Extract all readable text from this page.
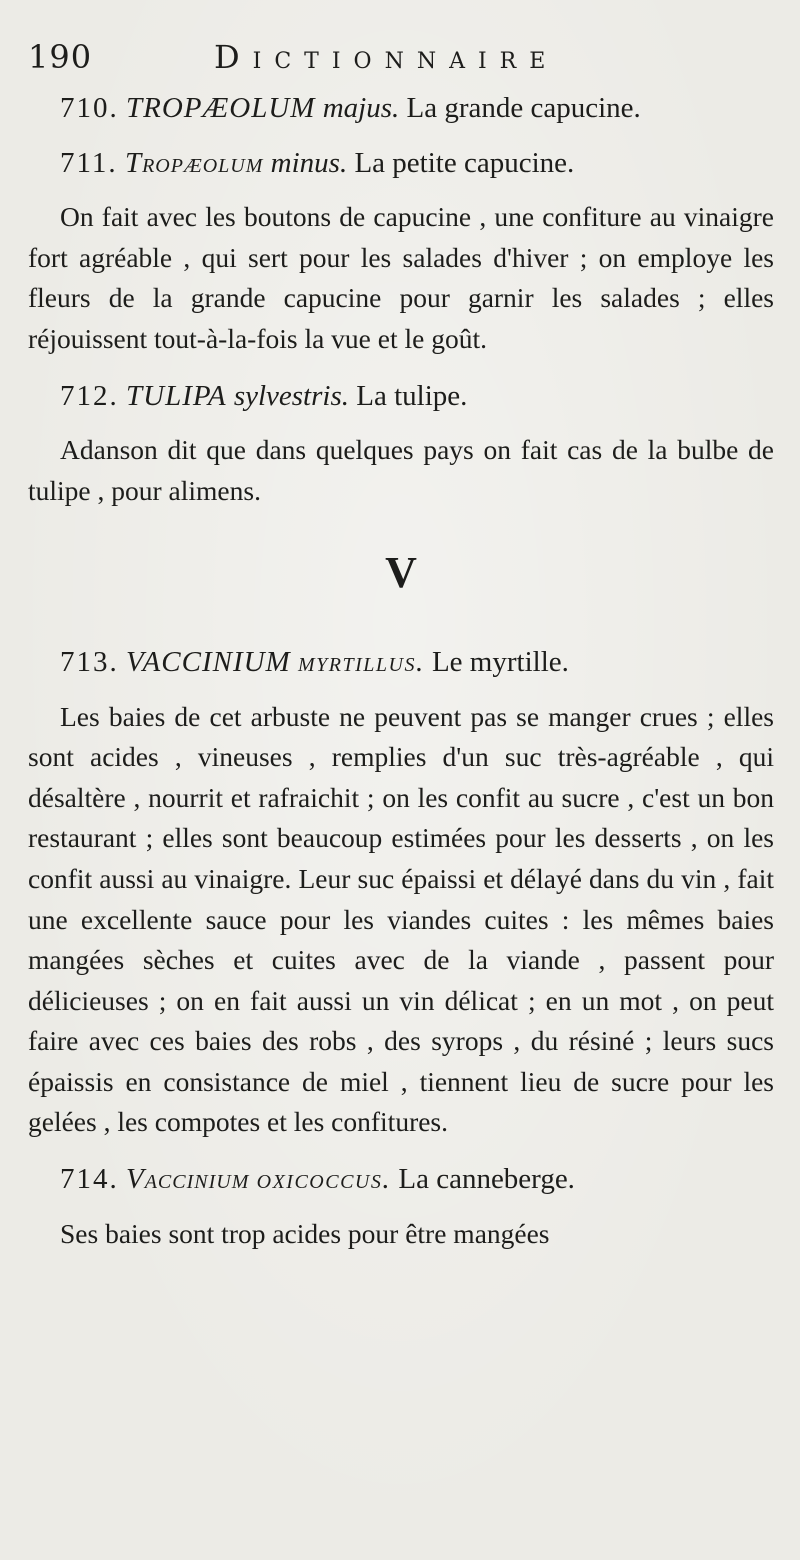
190	Dictionnaire
710. TROPÆOLUM majus. La grande capucine.
711. Tropæolum minus. La petite capucine.

On fait avec les boutons de capucine , une confiture au vinaigre fort agréable , qui sert pour les salades d'hiver ; on employe les fleurs de la grande capucine pour garnir les salades ; elles réjouissent tout-à-la-fois la vue et le goût.

712. TULIPA sylvestris. La tulipe.

Adanson dit que dans quelques pays on fait cas de la bulbe de tulipe , pour alimens.

V
713. VACCINIUM myrtillus. Le myrtille.

Les baies de cet arbuste ne peuvent pas se manger crues ; elles sont acides , vineuses , remplies d'un suc très-agréable , qui désaltère , nourrit et rafraichit ; on les confit au sucre , c'est un bon restaurant ; elles sont beaucoup estimées pour les desserts , on les confit aussi au vinaigre. Leur suc épaissi et délayé dans du vin , fait une excellente sauce pour les viandes cuites : les mêmes baies mangées sèches et cuites avec de la viande , passent pour délicieuses ; on en fait aussi un vin délicat ; en un mot , on peut faire avec ces baies des robs , des syrops , du résiné ; leurs sucs épaissis en consistance de miel , tiennent lieu de sucre pour les gelées , les compotes et les confitures.

714. Vaccinium oxicoccus. La canneberge.

Ses baies sont trop acides pour être mangées
